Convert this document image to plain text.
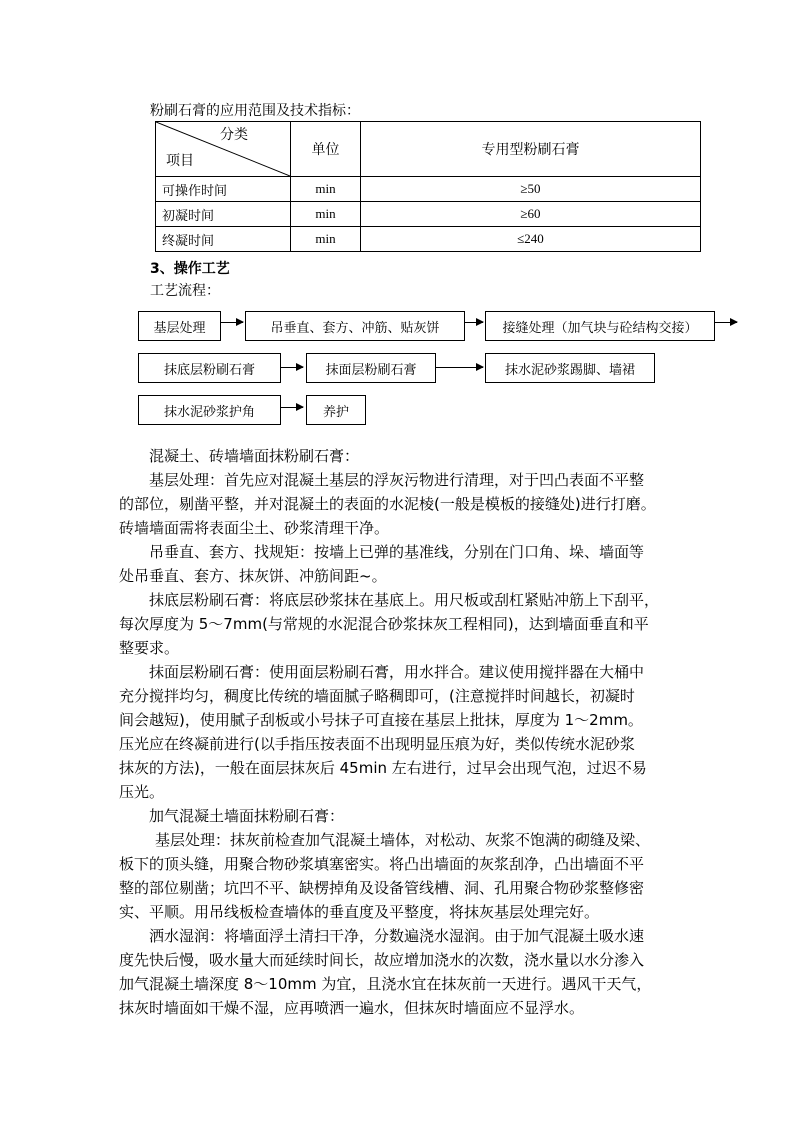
粉刷石膏的应用范围及技术指标：
分类
项目	单位	专用型粉刷石膏
可操作时间	min	≥50
初凝时间	min	≥60
终凝时间	min	≤240
3、操作工艺
工艺流程：
基层处理	吊垂直、套方、冲筋、贴灰饼	接缝处理（加气块与砼结构交接）
抹底层粉刷石膏	抹面层粉刷石膏	抹水泥砂浆踢脚、墙裙
抹水泥砂浆护角	养护

混凝土、砖墙墙面抹粉刷石膏：

基层处理：首先应对混凝土基层的浮灰污物进行清理，对于凹凸表面不平整

的部位，剔凿平整，并对混凝土的表面的水泥棱(一般是模板的接缝处)进行打磨。

砖墙墙面需将表面尘土、砂浆清理干净。

吊垂直、套方、找规矩：按墙上已弹的基准线，分别在门口角、垛、墙面等

处吊垂直、套方、抹灰饼、冲筋间距~。

抹底层粉刷石膏：将底层砂浆抹在基底上。用尺板或刮杠紧贴冲筋上下刮平，

每次厚度为 5～7mm(与常规的水泥混合砂浆抹灰工程相同)，达到墙面垂直和平

整要求。

抹面层粉刷石膏：使用面层粉刷石膏，用水拌合。建议使用搅拌器在大桶中

充分搅拌均匀，稠度比传统的墙面腻子略稠即可，(注意搅拌时间越长，初凝时

间会越短)，使用腻子刮板或小号抹子可直接在基层上批抹，厚度为 1～2mm。

压光应在终凝前进行(以手指压按表面不出现明显压痕为好，类似传统水泥砂浆

抹灰的方法)，一般在面层抹灰后 45min 左右进行，过早会出现气泡，过迟不易

压光。

加气混凝土墙面抹粉刷石膏：

基层处理：抹灰前检查加气混凝土墙体，对松动、灰浆不饱满的砌缝及梁、

板下的顶头缝，用聚合物砂浆填塞密实。将凸出墙面的灰浆刮净，凸出墙面不平

整的部位剔凿；坑凹不平、缺楞掉角及设备管线槽、洞、孔用聚合物砂浆整修密

实、平顺。用吊线板检查墙体的垂直度及平整度，将抹灰基层处理完好。

洒水湿润：将墙面浮土清扫干净，分数遍浇水湿润。由于加气混凝土吸水速

度先快后慢，吸水量大而延续时间长，故应增加浇水的次数，浇水量以水分渗入

加气混凝土墙深度 8～10mm 为宜，且浇水宜在抹灰前一天进行。遇风干天气，

抹灰时墙面如干燥不湿，应再喷洒一遍水，但抹灰时墙面应不显浮水。
